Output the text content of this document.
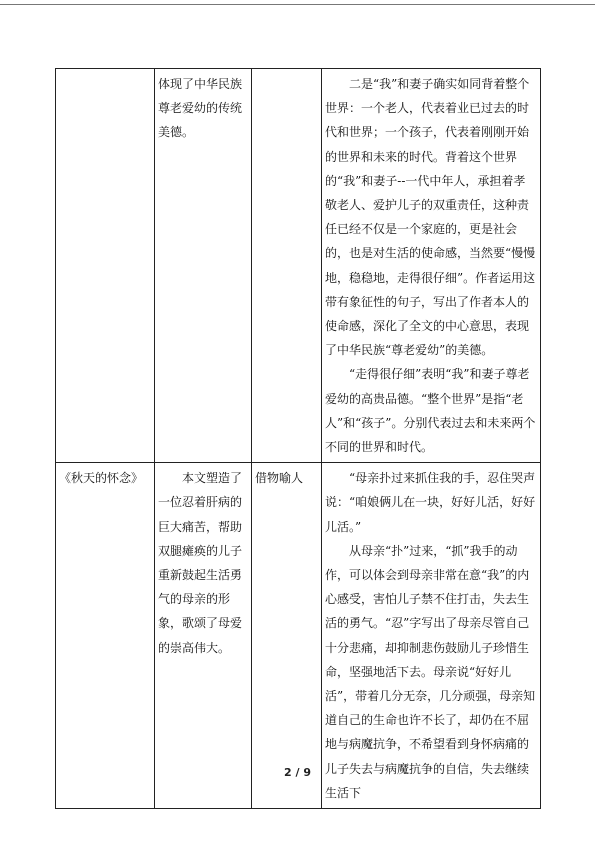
	体现了中华民族尊老爱幼的传统美德。		二是“我”和妻子确实如同背着整个世界：一个老人，代表着业已过去的时代和世界；一个孩子，代表着刚刚开始的世界和未来的时代。背着这个世界的“我”和妻子--一代中年人，承担着孝敬老人、爱护儿子的双重责任，这种责任已经不仅是一个家庭的，更是社会的，也是对生活的使命感，当然要“慢慢地，稳稳地，走得很仔细”。作者运用这带有象征性的句子，写出了作者本人的使命感，深化了全文的中心意思，表现了中华民族“尊老爱幼”的美德。

“走得很仔细”表明“我”和妻子尊老爱幼的高贵品德。“整个世界”是指“老人”和“孩子”。分别代表过去和未来两个不同的世界和时代。

《秋天的怀念》	本文塑造了一位忍着肝病的巨大痛苦，帮助双腿瘫痪的儿子重新鼓起生活勇气的母亲的形象，歌颂了母爱的崇高伟大。	借物喻人	“母亲扑过来抓住我的手，忍住哭声说：“咱娘俩儿在一块，好好儿活，好好儿活。”

从母亲“扑”过来，“抓”我手的动作，可以体会到母亲非常在意“我”的内心感受，害怕儿子禁不住打击，失去生活的勇气。“忍”字写出了母亲尽管自己十分悲痛，却抑制悲伤鼓励儿子珍惜生命，坚强地活下去。母亲说“好好儿活”，带着几分无奈，几分顽强，母亲知道自己的生命也许不长了，却仍在不屈地与病魔抗争，不希望看到身怀病痛的儿子失去与病魔抗争的自信，失去继续生活下

2 / 9
